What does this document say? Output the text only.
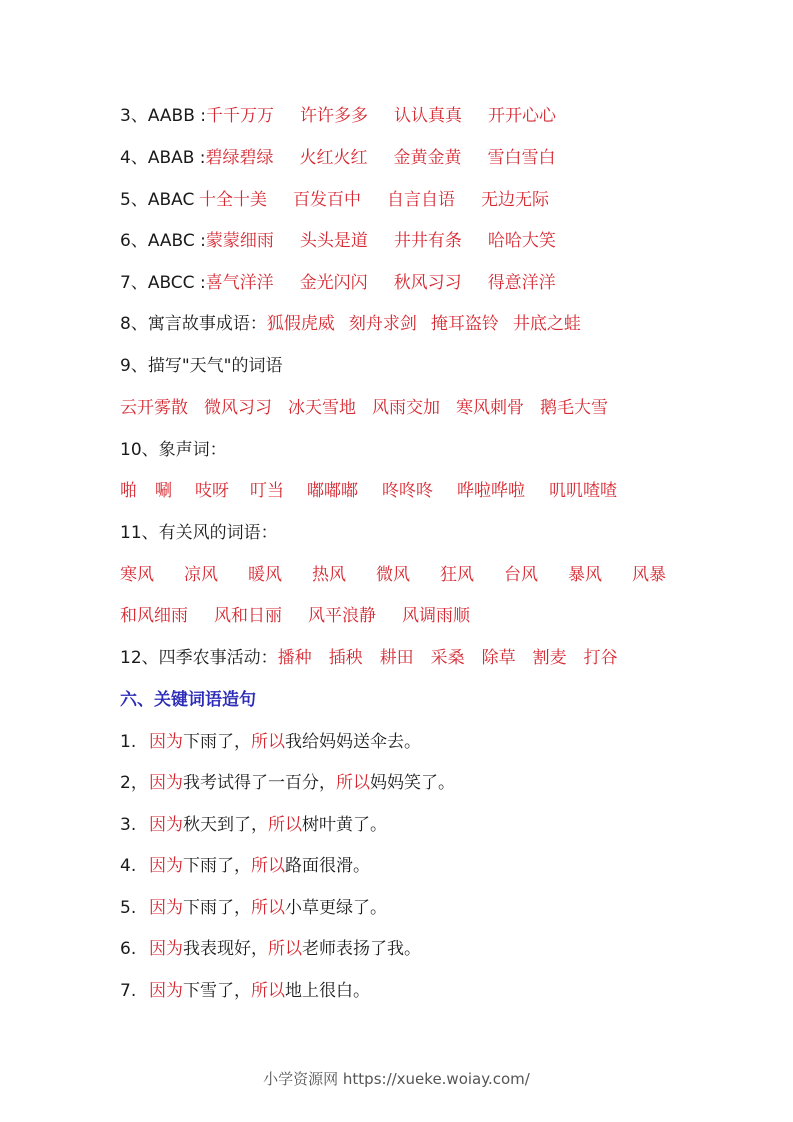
3、AABB :千千万万 许许多多 认认真真 开开心心
4、ABAB :碧绿碧绿 火红火红 金黄金黄 雪白雪白
5、ABAC十全十美 百发百中 自言自语 无边无际
6、AABC :蒙蒙细雨 头头是道 井井有条 哈哈大笑
7、ABCC :喜气洋洋 金光闪闪 秋风习习 得意洋洋
8、寓言故事成语：狐假虎威 刻舟求剑 掩耳盗铃 井底之蛙
9、描写"天气"的词语
云开雾散 微风习习 冰天雪地 风雨交加 寒风刺骨 鹅毛大雪
10、象声词：
啪 唰 吱呀 叮当 嘟嘟嘟 咚咚咚 哗啦哗啦 叽叽喳喳
11、有关风的词语：
寒风 凉风 暖风 热风 微风 狂风 台风 暴风 风暴
和风细雨 风和日丽 风平浪静 风调雨顺
12、四季农事活动：播种 插秧 耕田 采桑 除草 割麦 打谷
六、关键词语造句
1. 因为下雨了，所以我给妈妈送伞去。
2，因为我考试得了一百分，所以妈妈笑了。
3. 因为秋天到了，所以树叶黄了。
4. 因为下雨了，所以路面很滑。
5. 因为下雨了，所以小草更绿了。
6. 因为我表现好，所以老师表扬了我。
7. 因为下雪了，所以地上很白。
小学资源网 https://xueke.woiay.com/
